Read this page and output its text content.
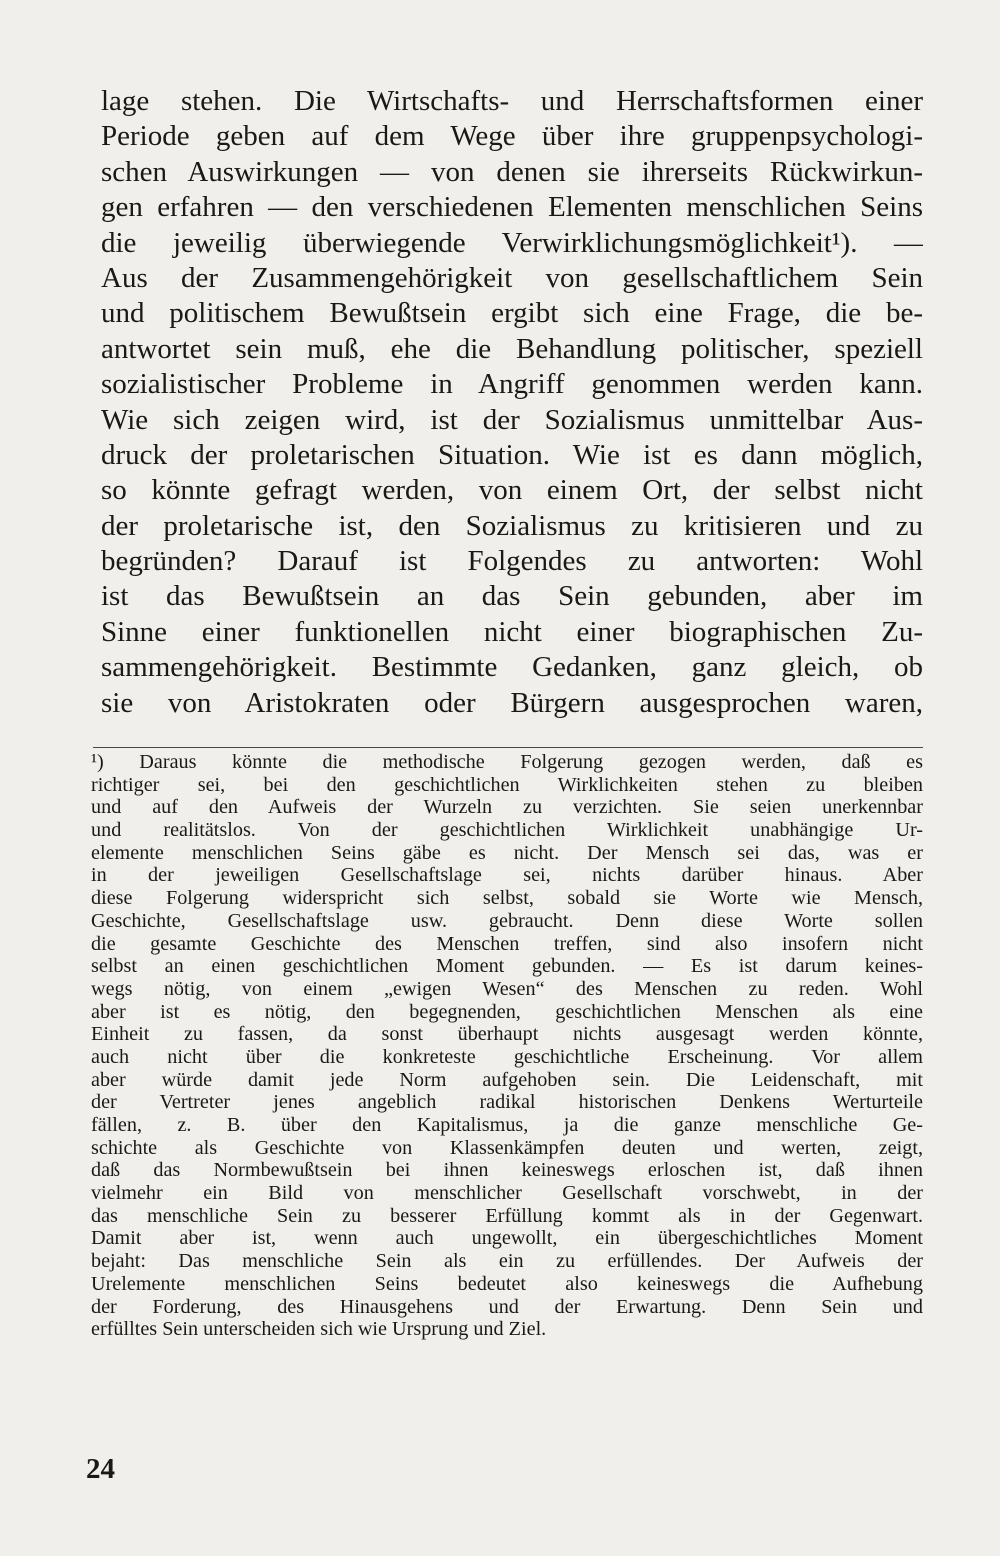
lage stehen. Die Wirtschafts- und Herrschaftsformen einer
Periode geben auf dem Wege über ihre gruppenpsychologi-
schen Auswirkungen — von denen sie ihrerseits Rückwirkun-
gen erfahren — den verschiedenen Elementen menschlichen Seins
die jeweilig überwiegende Verwirklichungsmöglichkeit¹). —
Aus der Zusammengehörigkeit von gesellschaftlichem Sein
und politischem Bewußtsein ergibt sich eine Frage, die be-
antwortet sein muß, ehe die Behandlung politischer, speziell
sozialistischer Probleme in Angriff genommen werden kann.
Wie sich zeigen wird, ist der Sozialismus unmittelbar Aus-
druck der proletarischen Situation. Wie ist es dann möglich,
so könnte gefragt werden, von einem Ort, der selbst nicht
der proletarische ist, den Sozialismus zu kritisieren und zu
begründen? Darauf ist Folgendes zu antworten: Wohl
ist das Bewußtsein an das Sein gebunden, aber im
Sinne einer funktionellen nicht einer biographischen Zu-
sammengehörigkeit. Bestimmte Gedanken, ganz gleich, ob
sie von Aristokraten oder Bürgern ausgesprochen waren,
¹) Daraus könnte die methodische Folgerung gezogen werden, daß es
richtiger sei, bei den geschichtlichen Wirklichkeiten stehen zu bleiben
und auf den Aufweis der Wurzeln zu verzichten. Sie seien unerkennbar
und realitätslos. Von der geschichtlichen Wirklichkeit unabhängige Ur-
elemente menschlichen Seins gäbe es nicht. Der Mensch sei das, was er
in der jeweiligen Gesellschaftslage sei, nichts darüber hinaus. Aber
diese Folgerung widerspricht sich selbst, sobald sie Worte wie Mensch,
Geschichte, Gesellschaftslage usw. gebraucht. Denn diese Worte sollen
die gesamte Geschichte des Menschen treffen, sind also insofern nicht
selbst an einen geschichtlichen Moment gebunden. — Es ist darum keines-
wegs nötig, von einem „ewigen Wesen“ des Menschen zu reden. Wohl
aber ist es nötig, den begegnenden, geschichtlichen Menschen als eine
Einheit zu fassen, da sonst überhaupt nichts ausgesagt werden könnte,
auch nicht über die konkreteste geschichtliche Erscheinung. Vor allem
aber würde damit jede Norm aufgehoben sein. Die Leidenschaft, mit
der Vertreter jenes angeblich radikal historischen Denkens Werturteile
fällen, z. B. über den Kapitalismus, ja die ganze menschliche Ge-
schichte als Geschichte von Klassenkämpfen deuten und werten, zeigt,
daß das Normbewußtsein bei ihnen keineswegs erloschen ist, daß ihnen
vielmehr ein Bild von menschlicher Gesellschaft vorschwebt, in der
das menschliche Sein zu besserer Erfüllung kommt als in der Gegenwart.
Damit aber ist, wenn auch ungewollt, ein übergeschichtliches Moment
bejaht: Das menschliche Sein als ein zu erfüllendes. Der Aufweis der
Urelemente menschlichen Seins bedeutet also keineswegs die Aufhebung
der Forderung, des Hinausgehens und der Erwartung. Denn Sein und
erfülltes Sein unterscheiden sich wie Ursprung und Ziel.
24
